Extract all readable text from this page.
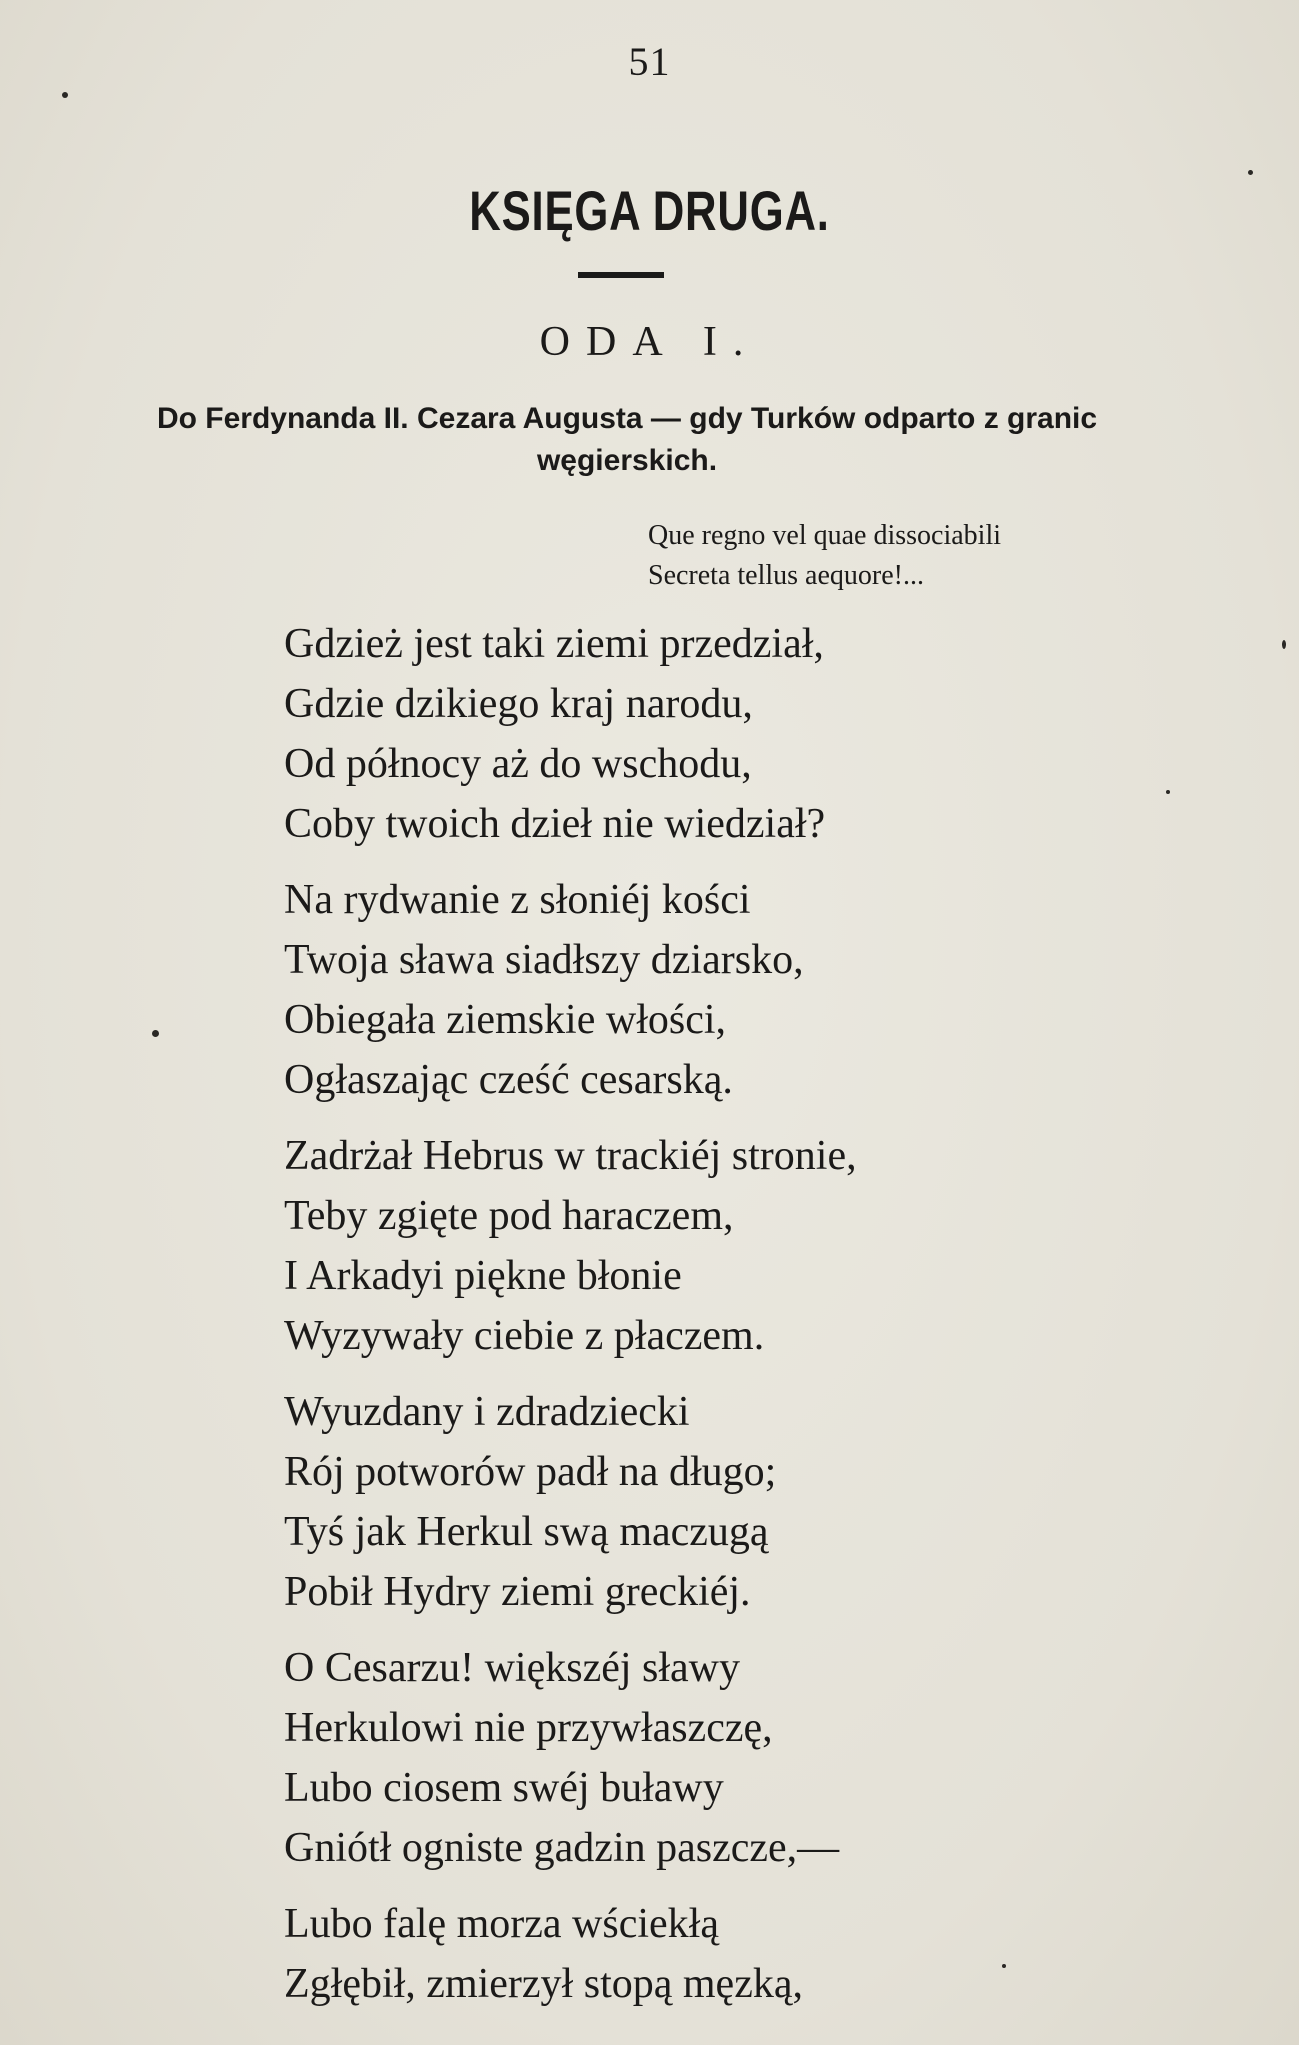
51
KSIĘGA DRUGA.
ODA I.
Do Ferdynanda II. Cezara Augusta — gdy Turków odparto z granic
węgierskich.
Que regno vel quae dissociabili
Secreta tellus aequore!...
Gdzież jest taki ziemi przedział,
Gdzie dzikiego kraj narodu,
Od północy aż do wschodu,
Coby twoich dzieł nie wiedział?
Na rydwanie z słoniéj kości
Twoja sława siadłszy dziarsko,
Obiegała ziemskie włości,
Ogłaszając cześć cesarską.
Zadrżał Hebrus w trackiéj stronie,
Teby zgięte pod haraczem,
I Arkadyi piękne błonie
Wyzywały ciebie z płaczem.
Wyuzdany i zdradziecki
Rój potworów padł na długo;
Tyś jak Herkul swą maczugą
Pobił Hydry ziemi greckiéj.
O Cesarzu! większéj sławy
Herkulowi nie przywłaszczę,
Lubo ciosem swéj buławy
Gniótł ogniste gadzin paszcze,—
Lubo falę morza wściekłą
Zgłębił, zmierzył stopą męzką,
